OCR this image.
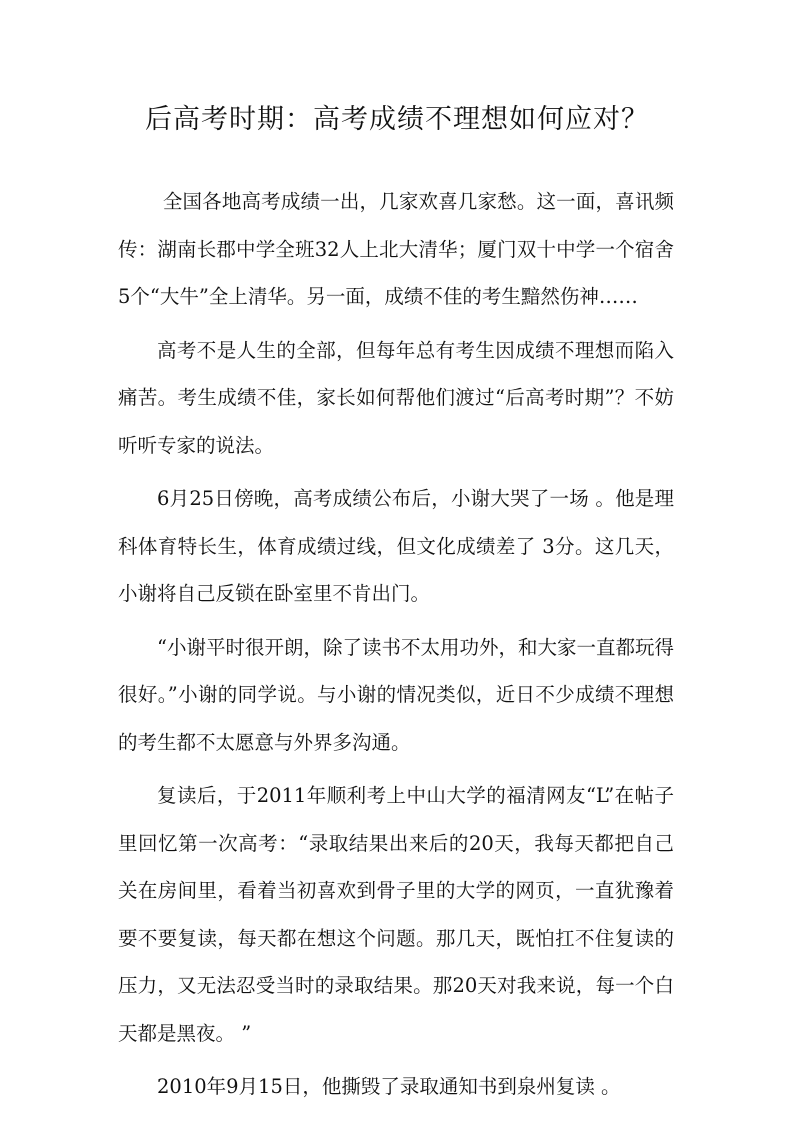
后高考时期：高考成绩不理想如何应对？

全国各地高考成绩一出，几家欢喜几家愁。这一面，喜讯频传：湖南长郡中学全班32人上北大清华；厦门双十中学一个宿舍5个“大牛”全上清华。另一面，成绩不佳的考生黯然伤神……

高考不是人生的全部，但每年总有考生因成绩不理想而陷入痛苦。考生成绩不佳，家长如何帮他们渡过“后高考时期”？不妨听听专家的说法。

6月25日傍晚，高考成绩公布后，小谢大哭了一场 。他是理科体育特长生，体育成绩过线，但文化成绩差了 3分。这几天，小谢将自己反锁在卧室里不肯出门。

“小谢平时很开朗，除了读书不太用功外，和大家一直都玩得很好。”小谢的同学说。与小谢的情况类似，近日不少成绩不理想的考生都不太愿意与外界多沟通。

复读后，于2011年顺利考上中山大学的福清网友“L”在帖子里回忆第一次高考：“录取结果出来后的20天，我每天都把自己关在房间里，看着当初喜欢到骨子里的大学的网页，一直犹豫着要不要复读，每天都在想这个问题。那几天，既怕扛不住复读的压力，又无法忍受当时的录取结果。那20天对我来说，每一个白天都是黑夜。 ”

2010年9月15日，他撕毁了录取通知书到泉州复读 。
